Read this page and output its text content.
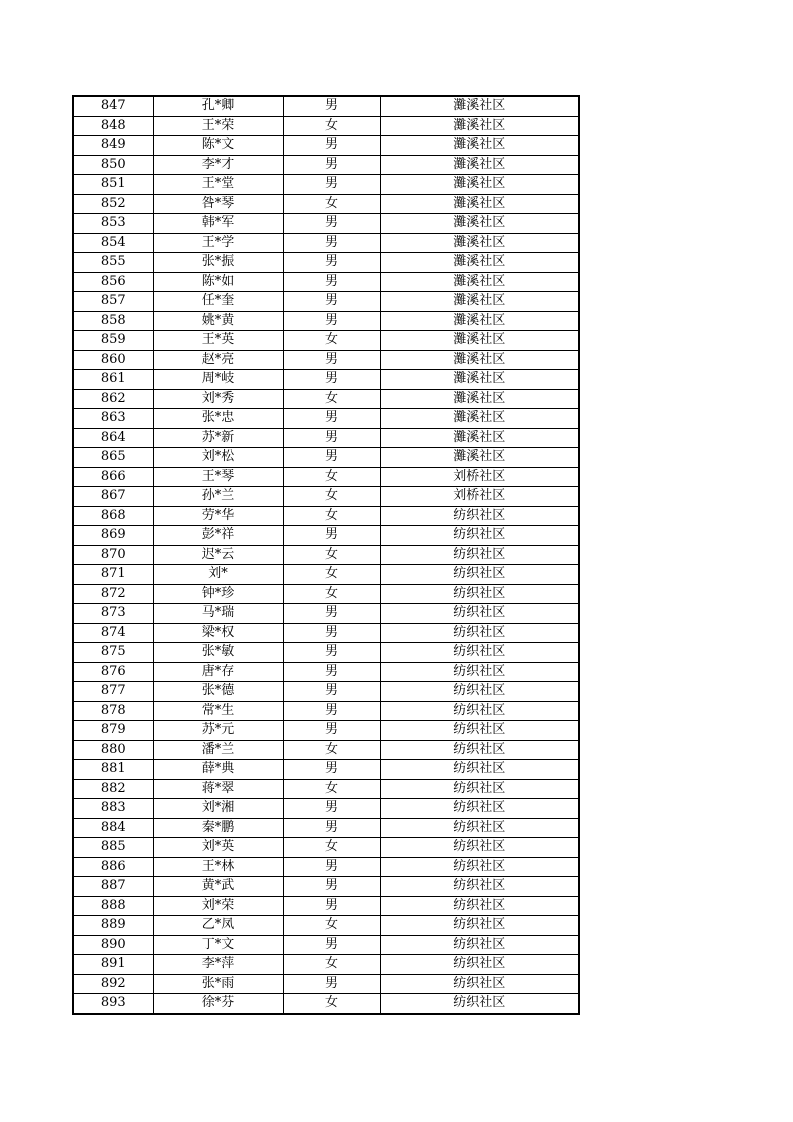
847	孔*卿	男	灘溪社区
848	王*荣	女	灘溪社区
849	陈*文	男	灘溪社区
850	李*才	男	灘溪社区
851	王*堂	男	灘溪社区
852	咎*琴	女	灘溪社区
853	韩*军	男	灘溪社区
854	王*学	男	灘溪社区
855	张*振	男	灘溪社区
856	陈*如	男	灘溪社区
857	任*奎	男	灘溪社区
858	姚*黄	男	灘溪社区
859	王*英	女	灘溪社区
860	赵*亮	男	灘溪社区
861	周*岐	男	灘溪社区
862	刘*秀	女	灘溪社区
863	张*忠	男	灘溪社区
864	苏*新	男	灘溪社区
865	刘*松	男	灘溪社区
866	王*琴	女	刘桥社区
867	孙*兰	女	刘桥社区
868	劳*华	女	纺织社区
869	彭*祥	男	纺织社区
870	迟*云	女	纺织社区
871	刘*	女	纺织社区
872	钟*珍	女	纺织社区
873	马*瑞	男	纺织社区
874	梁*权	男	纺织社区
875	张*敏	男	纺织社区
876	唐*存	男	纺织社区
877	张*德	男	纺织社区
878	常*生	男	纺织社区
879	苏*元	男	纺织社区
880	潘*兰	女	纺织社区
881	薛*典	男	纺织社区
882	蒋*翠	女	纺织社区
883	刘*湘	男	纺织社区
884	秦*鹏	男	纺织社区
885	刘*英	女	纺织社区
886	王*林	男	纺织社区
887	黄*武	男	纺织社区
888	刘*荣	男	纺织社区
889	乙*凤	女	纺织社区
890	丁*文	男	纺织社区
891	李*萍	女	纺织社区
892	张*雨	男	纺织社区
893	徐*芬	女	纺织社区
